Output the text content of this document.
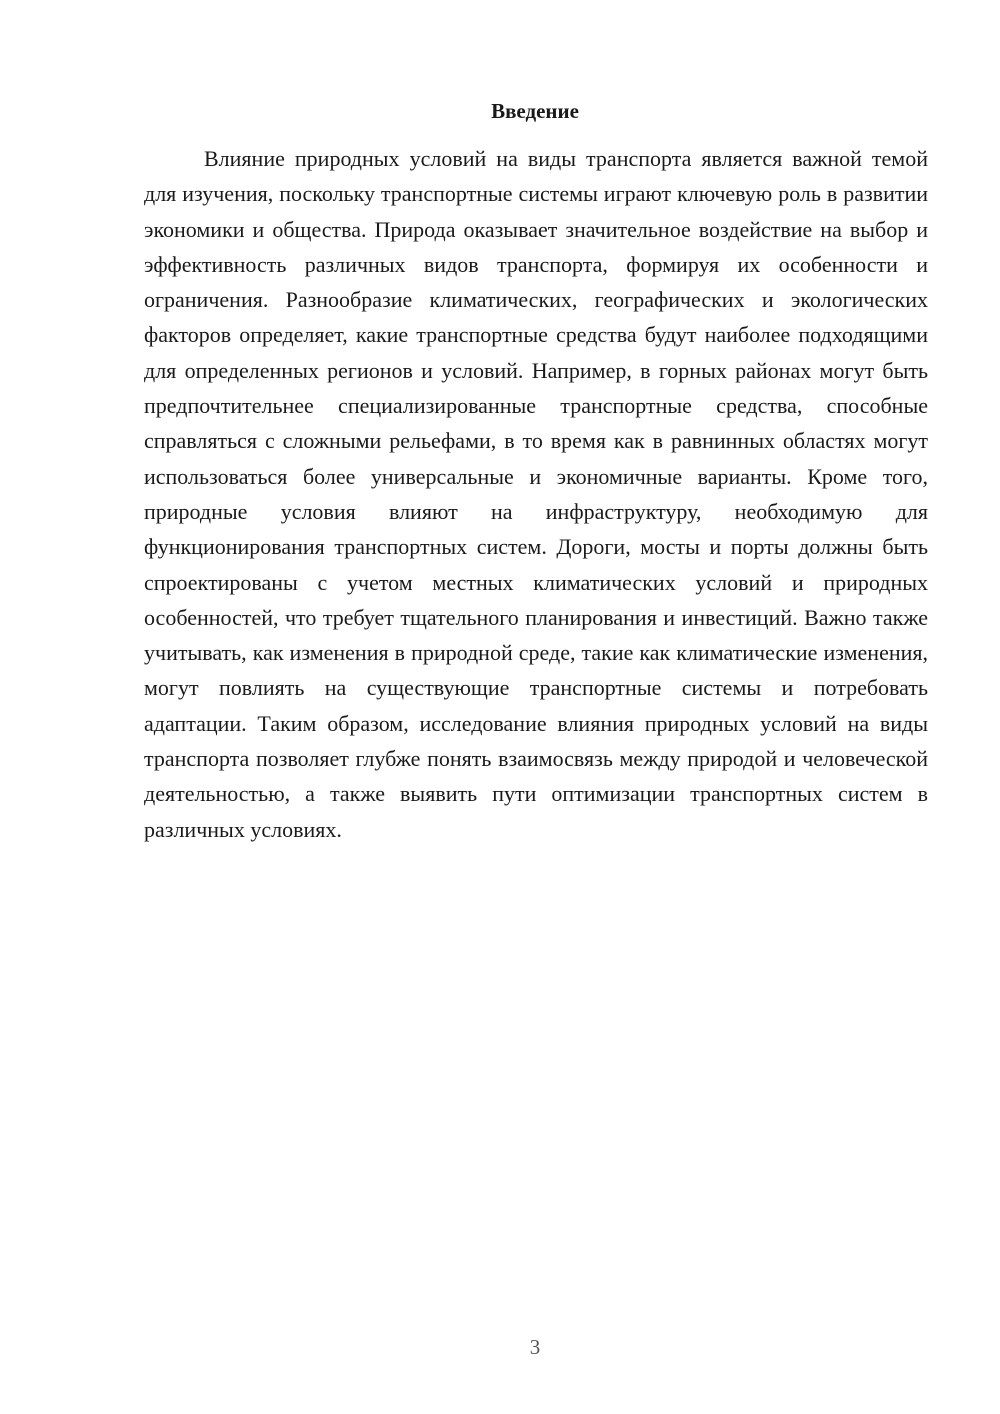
Введение

Влияние природных условий на виды транспорта является важной темой для изучения, поскольку транспортные системы играют ключевую роль в развитии экономики и общества. Природа оказывает значительное воздействие на выбор и эффективность различных видов транспорта, формируя их особенности и ограничения. Разнообразие климатических, географических и экологических факторов определяет, какие транспортные средства будут наиболее подходящими для определенных регионов и условий. Например, в горных районах могут быть предпочтительнее специализированные транспортные средства, способные справляться с сложными рельефами, в то время как в равнинных областях могут использоваться более универсальные и экономичные варианты. Кроме того, природные условия влияют на инфраструктуру, необходимую для функционирования транспортных систем. Дороги, мосты и порты должны быть спроектированы с учетом местных климатических условий и природных особенностей, что требует тщательного планирования и инвестиций. Важно также учитывать, как изменения в природной среде, такие как климатические изменения, могут повлиять на существующие транспортные системы и потребовать адаптации. Таким образом, исследование влияния природных условий на виды транспорта позволяет глубже понять взаимосвязь между природой и человеческой деятельностью, а также выявить пути оптимизации транспортных систем в различных условиях.

3
